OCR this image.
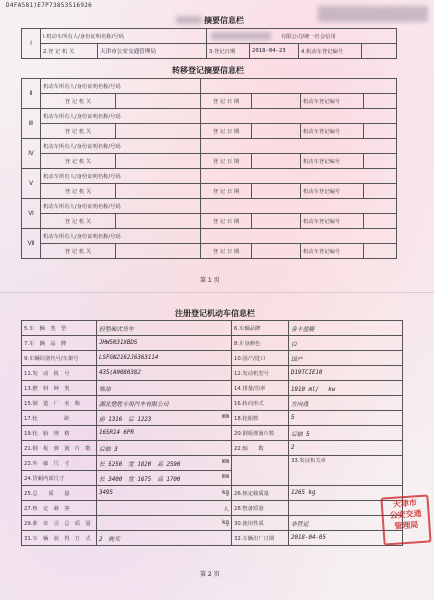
D4FA581)E7P73853516926
摘要信息栏
Ⅰ	I.机动车所有人/身份证明名称/号码		有限公司/统一社会信用			

	2.登 记 机 关	天津市公安交通管理局	3.登记日期	2018-04-23	4.机动车登记编号	
转移登记摘要信息栏
Ⅱ	机动车所有人/身份证明名称/号码					
	登 记 机 关		登 记 日 期		机动车登记编号	
Ⅲ	机动车所有人/身份证明名称/号码					
	登 记 机 关		登 记 日 期		机动车登记编号	
Ⅳ	机动车所有人/身份证明名称/号码					
	登 记 机 关		登 记 日 期		机动车登记编号	
Ⅴ	机动车所有人/身份证明名称/号码					
	登 记 机 关		登 记 日 期		机动车登记编号	
Ⅵ	机动车所有人/身份证明名称/号码					
	登 记 机 关		登 记 日 期		机动车登记编号	
Ⅶ	机动车所有人/身份证明名称/号码					
	登 记 机 关		登 记 日 期		机动车登记编号	
第 1 页
注册登记机动车信息栏
5.车　辆　类　型	轻型厢式货车	6.车辆品牌	金卡盈腾
7.车　辆　品　牌	JHW5031XBDS	8.车身颜色	白
9.车辆识别代号/车架号	LSFGN2162J6363114	10.国产/进口	国产
11.发　动　机　号	435(A0080382	12.发动机型号	D19TCIE10
13.燃　料　种　类	柴油	14.排量/功率	1910 ml/　 kw
15.制　造　厂　名　称	湖北楚胜专用汽车有限公司	16.转向形式	方向盘
17.轮　　　　　距	前 1316　后 1223 mm	18.轮胎数	5
19.轮　胎　规　格	165R14 6PR	20.钢板弹簧片数	后轴 5
21.钢　板　弹　簧　片　数	后轴 3	22.轴　　数	2
23.外　廓　尺　寸	长 5250　宽 1820　高 2590 mm		33.发证机关章
24.货厢内部尺寸	长 3400　宽 1675　高 1700 mm		

25.总　　质　　量	3495 kg	26.核定载质量	1265 kg
27.核　定　载　客	人	28.整备质量	
29.准　牵　引　总　质　量	kg	30.使用性质	非营运
31.车　辆　获　得　方　式	2　购买	32.车辆出厂日期	2018-04-05
天津市
公安交通
管理局
第 2 页
